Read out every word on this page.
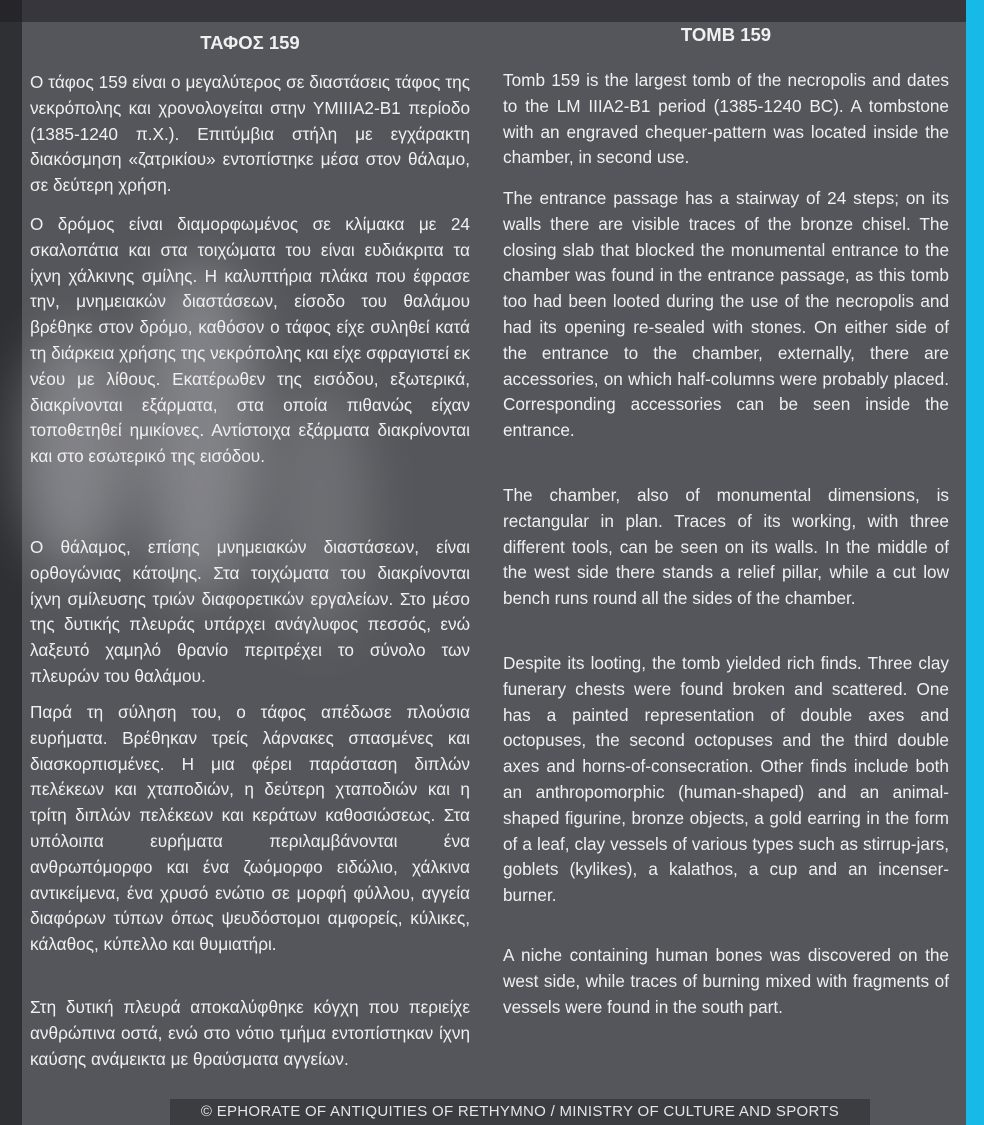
ΤΑΦΟΣ 159

Ο τάφος 159 είναι ο μεγαλύτερος σε διαστάσεις τάφος της νεκρόπολης και χρονολογείται στην ΥΜΙΙΙΑ2-Β1 περίοδο (1385-1240 π.Χ.). Επιτύμβια στήλη με εγχάρακτη διακόσμηση «ζατρικίου» εντοπίστηκε μέσα στον θάλαμο, σε δεύτερη χρήση.

Ο δρόμος είναι διαμορφωμένος σε κλίμακα με 24 σκαλοπάτια και στα τοιχώματα του είναι ευδιάκριτα τα ίχνη χάλκινης σμίλης. Η καλυπτήρια πλάκα που έφρασε την, μνημειακών διαστάσεων, είσοδο του θαλάμου βρέθηκε στον δρόμο, καθόσον ο τάφος είχε συληθεί κατά τη διάρκεια χρήσης της νεκρόπολης και είχε σφραγιστεί εκ νέου με λίθους. Εκατέρωθεν της εισόδου, εξωτερικά, διακρίνονται εξάρματα, στα οποία πιθανώς είχαν τοποθετηθεί ημικίονες. Αντίστοιχα εξάρματα διακρίνονται και στο εσωτερικό της εισόδου.

Ο θάλαμος, επίσης μνημειακών διαστάσεων, είναι ορθογώνιας κάτοψης. Στα τοιχώματα του διακρίνονται ίχνη σμίλευσης τριών διαφορετικών εργαλείων. Στο μέσο της δυτικής πλευράς υπάρχει ανάγλυφος πεσσός, ενώ λαξευτό χαμηλό θρανίο περιτρέχει το σύνολο των πλευρών του θαλάμου.

Παρά τη σύληση του, ο τάφος απέδωσε πλούσια ευρήματα. Βρέθηκαν τρείς λάρνακες σπασμένες και διασκορπισμένες. Η μια φέρει παράσταση διπλών πελέκεων και χταποδιών, η δεύτερη χταποδιών και η τρίτη διπλών πελέκεων και κεράτων καθοσιώσεως. Στα υπόλοιπα ευρήματα περιλαμβάνονται ένα ανθρωπόμορφο και ένα ζωόμορφο ειδώλιο, χάλκινα αντικείμενα, ένα χρυσό ενώτιο σε μορφή φύλλου, αγγεία διαφόρων τύπων όπως ψευδόστομοι αμφορείς, κύλικες, κάλαθος, κύπελλο και θυμιατήρι.

Στη δυτική πλευρά αποκαλύφθηκε κόγχη που περιείχε ανθρώπινα οστά, ενώ στο νότιο τμήμα εντοπίστηκαν ίχνη καύσης ανάμεικτα με θραύσματα αγγείων.

TOMB 159

Tomb 159 is the largest tomb of the necropolis and dates to the LM IIIA2-B1 period (1385-1240 BC). A tombstone with an engraved chequer-pattern was located inside the chamber, in second use.

The entrance passage has a stairway of 24 steps; on its walls there are visible traces of the bronze chisel. The closing slab that blocked the monumental entrance to the chamber was found in the entrance passage, as this tomb too had been looted during the use of the necropolis and had its opening re-sealed with stones. On either side of the entrance to the chamber, externally, there are accessories, on which half-columns were probably placed. Corresponding accessories can be seen inside the entrance.

The chamber, also of monumental dimensions, is rectangular in plan. Traces of its working, with three different tools, can be seen on its walls. In the middle of the west side there stands a relief pillar, while a cut low bench runs round all the sides of the chamber.

Despite its looting, the tomb yielded rich finds. Three clay funerary chests were found broken and scattered. One has a painted representation of double axes and octopuses, the second octopuses and the third double axes and horns-of-consecration. Other finds include both an anthropomorphic (human-shaped) and an animal-shaped figurine, bronze objects, a gold earring in the form of a leaf, clay vessels of various types such as stirrup-jars, goblets (kylikes), a kalathos, a cup and an incenser-burner.

A niche containing human bones was discovered on the west side, while traces of burning mixed with fragments of vessels were found in the south part.

© EPHORATE OF ANTIQUITIES OF RETHYMNO / MINISTRY OF CULTURE AND SPORTS
